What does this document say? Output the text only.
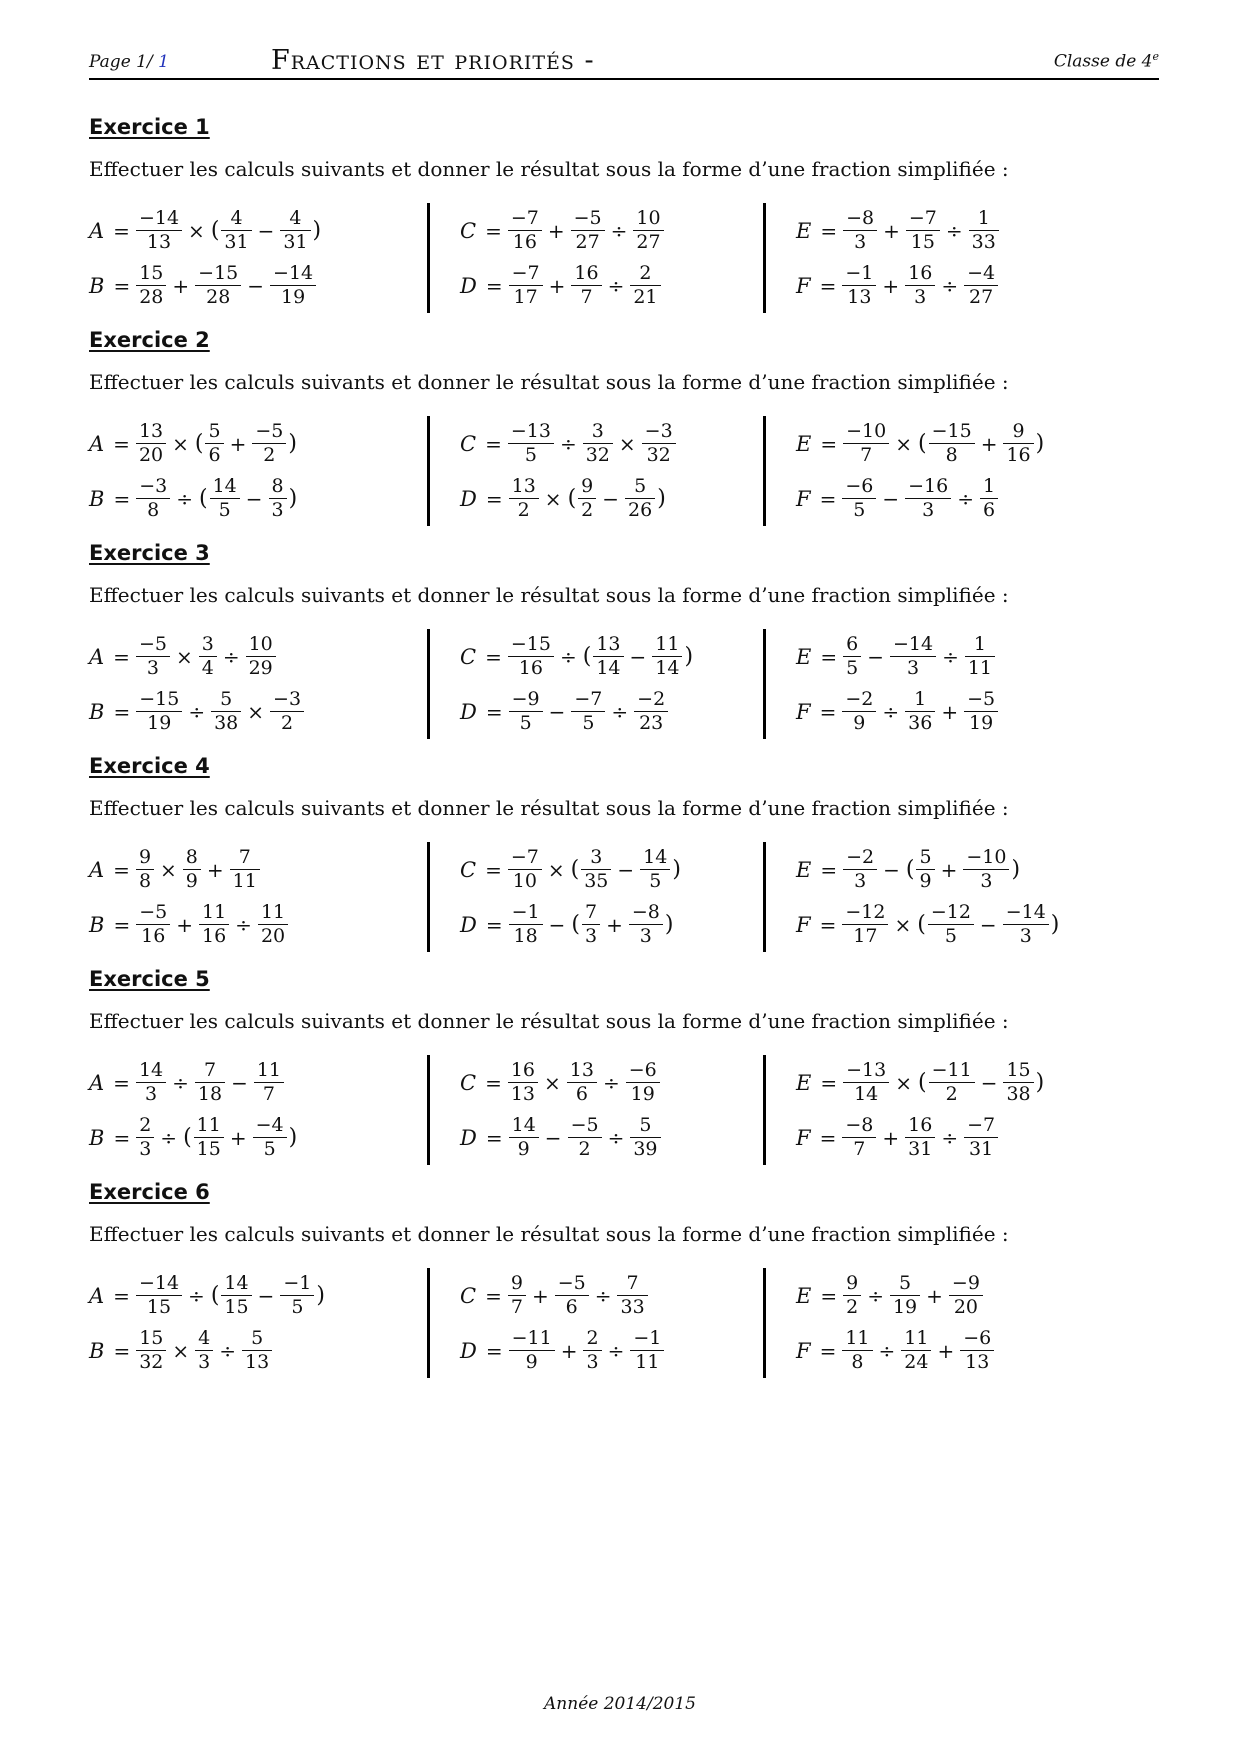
Page 1/ 1	Fractions et priorités -	Classe de 4e
Exercice 1
Effectuer les calculs suivants et donner le résultat sous la forme d’une fraction simplifiée :
$A = \frac{-14}{13}$ × ( $\frac{4}{31} - \frac{4}{31}$ )
$B = \frac{15}{28} + \frac{-15}{28} - \frac{-14}{19}$
$C = \frac{-7}{16} + \frac{-5}{27} \div \frac{10}{27}$
$D = \frac{-7}{17} + \frac{16}{7} \div \frac{2}{21}$
$E = \frac{-8}{3} + \frac{-7}{15} \div \frac{1}{33}$
$F = \frac{-1}{13} + \frac{16}{3} \div \frac{-4}{27}$
Exercice 2
Effectuer les calculs suivants et donner le résultat sous la forme d’une fraction simplifiée :
$A = \frac{13}{20}$ × ( $\frac{5}{6} + \frac{-5}{2}$ )
$B = \frac{-3}{8}$ ÷ ( $\frac{14}{5} - \frac{8}{3}$ )
$C = \frac{-13}{5} \div \frac{3}{32} \times \frac{-3}{32}$
$D = \frac{13}{2}$ × ( $\frac{9}{2} - \frac{5}{26}$ )
$E = \frac{-10}{7}$ × ( $\frac{-15}{8} + \frac{9}{16}$ )
$F = \frac{-6}{5} - \frac{-16}{3} \div \frac{1}{6}$
Exercice 3
Effectuer les calculs suivants et donner le résultat sous la forme d’une fraction simplifiée :
$A = \frac{-5}{3} \times \frac{3}{4} \div \frac{10}{29}$
$B = \frac{-15}{19} \div \frac{5}{38} \times \frac{-3}{2}$
$C = \frac{-15}{16}$ ÷ ( $\frac{13}{14} - \frac{11}{14}$ )
$D = \frac{-9}{5} - \frac{-7}{5} \div \frac{-2}{23}$
$E = \frac{6}{5} - \frac{-14}{3} \div \frac{1}{11}$
$F = \frac{-2}{9} \div \frac{1}{36} + \frac{-5}{19}$
Exercice 4
Effectuer les calculs suivants et donner le résultat sous la forme d’une fraction simplifiée :
$A = \frac{9}{8} \times \frac{8}{9} + \frac{7}{11}$
$B = \frac{-5}{16} + \frac{11}{16} \div \frac{11}{20}$
$C = \frac{-7}{10}$ × ( $\frac{3}{35} - \frac{14}{5}$ )
$D = \frac{-1}{18}$ − ( $\frac{7}{3} + \frac{-8}{3}$ )
$E = \frac{-2}{3}$ − ( $\frac{5}{9} + \frac{-10}{3}$ )
$F = \frac{-12}{17}$ × ( $\frac{-12}{5} - \frac{-14}{3}$ )
Exercice 5
Effectuer les calculs suivants et donner le résultat sous la forme d’une fraction simplifiée :
$A = \frac{14}{3} \div \frac{7}{18} - \frac{11}{7}$
$B = \frac{2}{3}$ ÷ ( $\frac{11}{15} + \frac{-4}{5}$ )
$C = \frac{16}{13} \times \frac{13}{6} \div \frac{-6}{19}$
$D = \frac{14}{9} - \frac{-5}{2} \div \frac{5}{39}$
$E = \frac{-13}{14}$ × ( $\frac{-11}{2} - \frac{15}{38}$ )
$F = \frac{-8}{7} + \frac{16}{31} \div \frac{-7}{31}$
Exercice 6
Effectuer les calculs suivants et donner le résultat sous la forme d’une fraction simplifiée :
$A = \frac{-14}{15}$ ÷ ( $\frac{14}{15} - \frac{-1}{5}$ )
$B = \frac{15}{32} \times \frac{4}{3} \div \frac{5}{13}$
$C = \frac{9}{7} + \frac{-5}{6} \div \frac{7}{33}$
$D = \frac{-11}{9} + \frac{2}{3} \div \frac{-1}{11}$
$E = \frac{9}{2} \div \frac{5}{19} + \frac{-9}{20}$
$F = \frac{11}{8} \div \frac{11}{24} + \frac{-6}{13}$
Année 2014/2015
